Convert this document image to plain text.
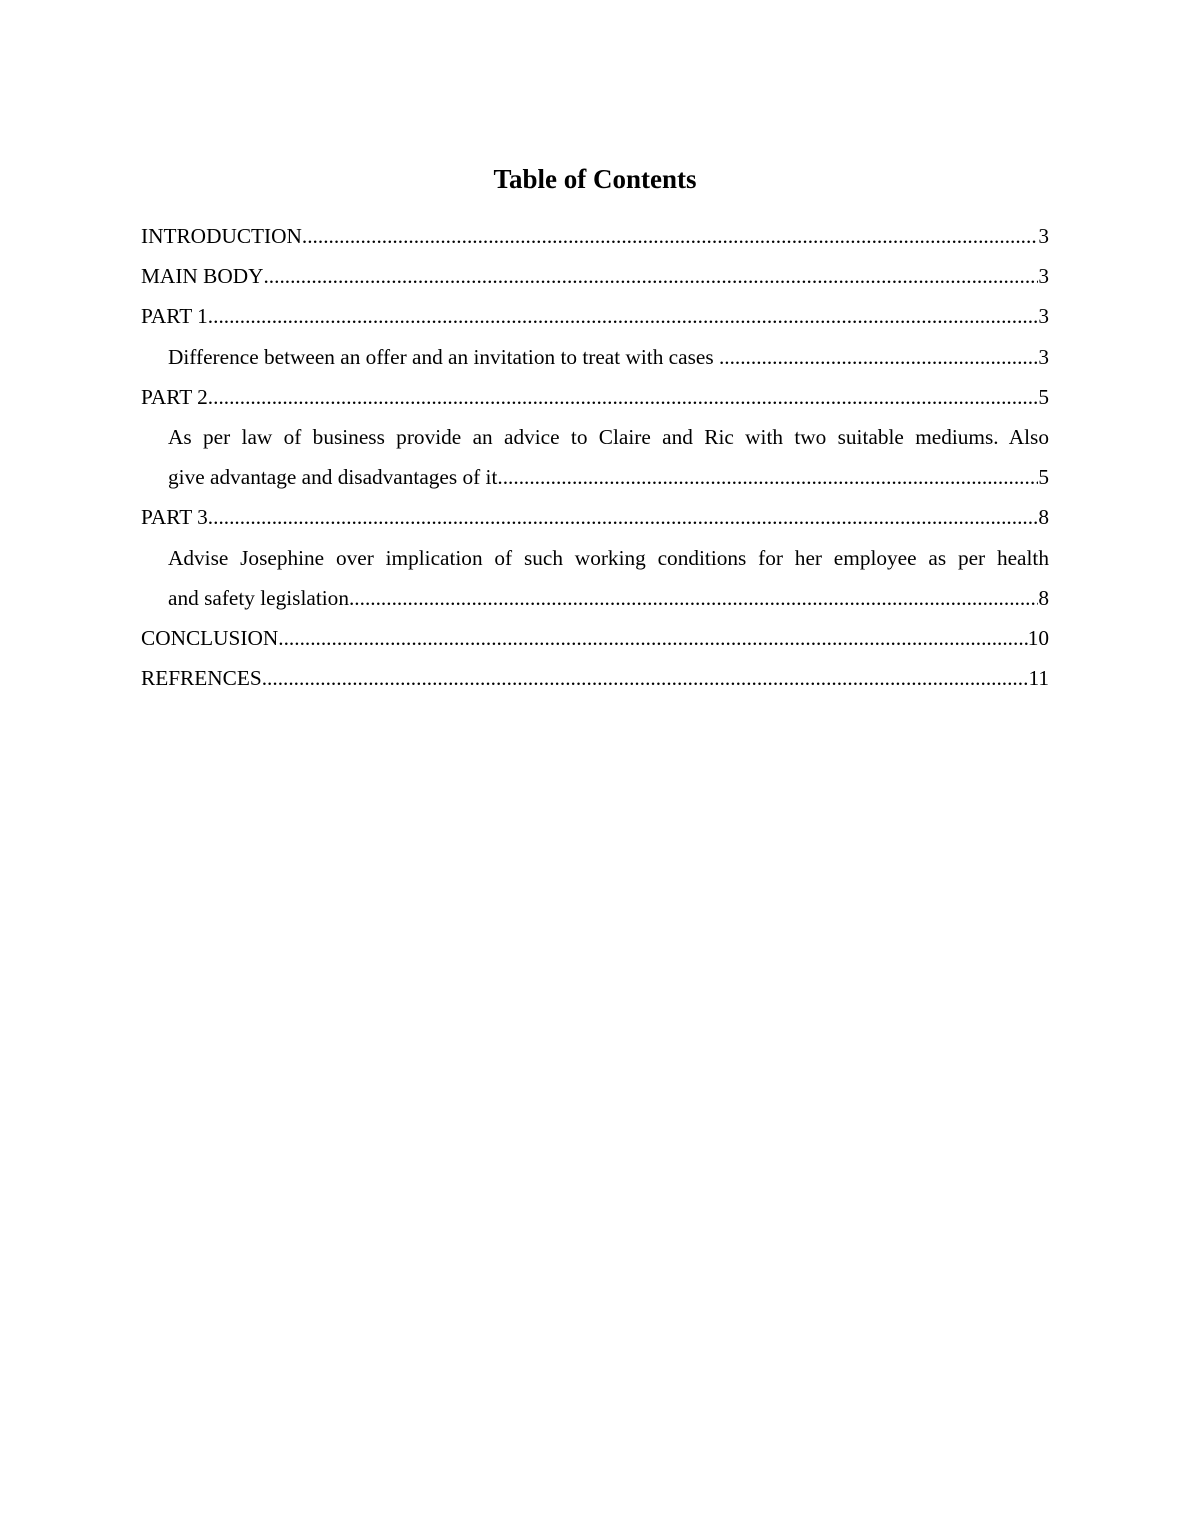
Table of Contents
INTRODUCTION .....	3
MAIN BODY .....	3
PART 1 .....	3
Difference between an offer and an invitation to treat with cases .....	3
PART 2 .....	5
As per law of business provide an advice to Claire and Ric with two suitable mediums. Also
give advantage and disadvantages of it .....	5
PART 3 .....	8
Advise Josephine over implication of such working conditions for her employee as per health
and safety legislation .....	8
CONCLUSION .....	10
REFRENCES .....	11
